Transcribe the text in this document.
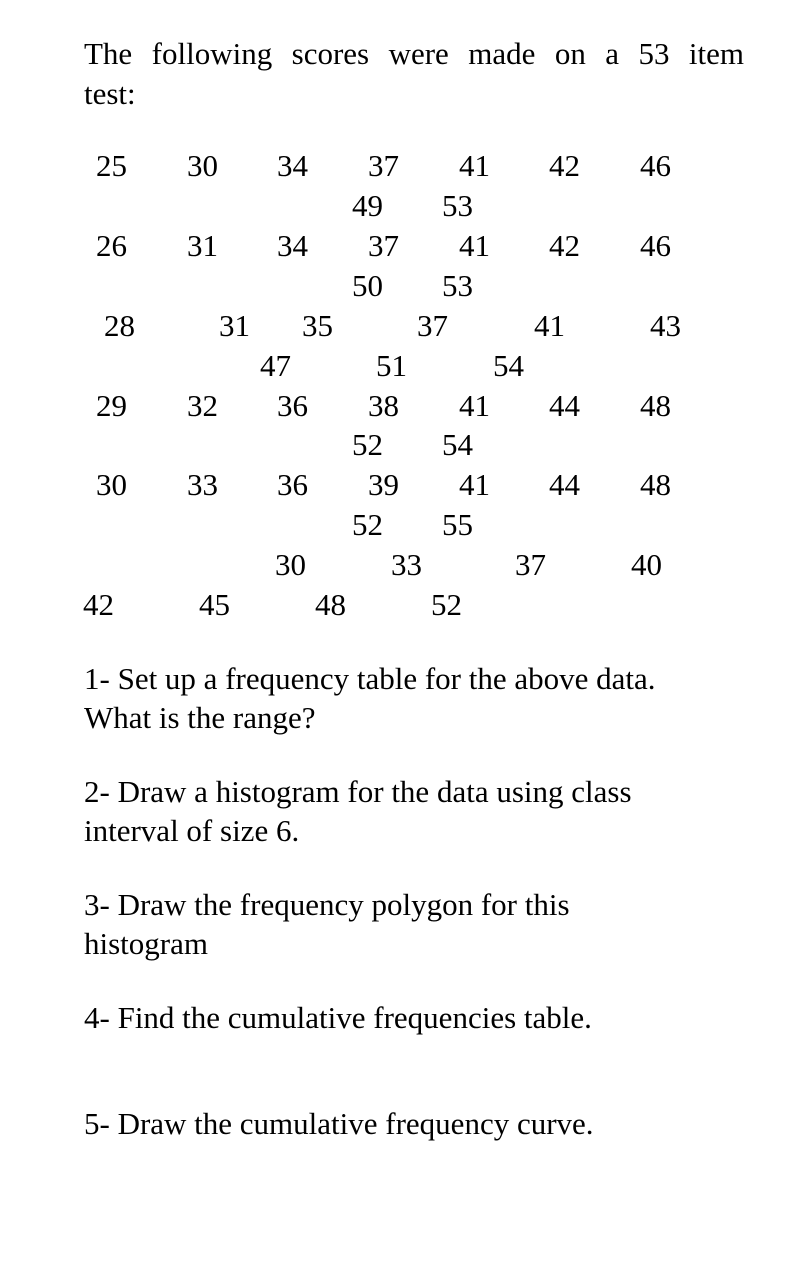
The following scores were made on a 53 item
test:
25 30 34 37 41 42 46
49 53
26 31 34 37 41 42 46
50 53
28	31 35	37	41	43
47	51	54
29 32 36 38 41 44 48
52 54
30 33 36 39 41 44 48
52 55
30	33	37	40
42	45	48	52
1- Set up a frequency table for the above data.
What is the range?
2- Draw a histogram for the data using class
interval of size 6.
3- Draw the frequency polygon for this
histogram
4- Find the cumulative frequencies table.
5- Draw the cumulative frequency curve.
